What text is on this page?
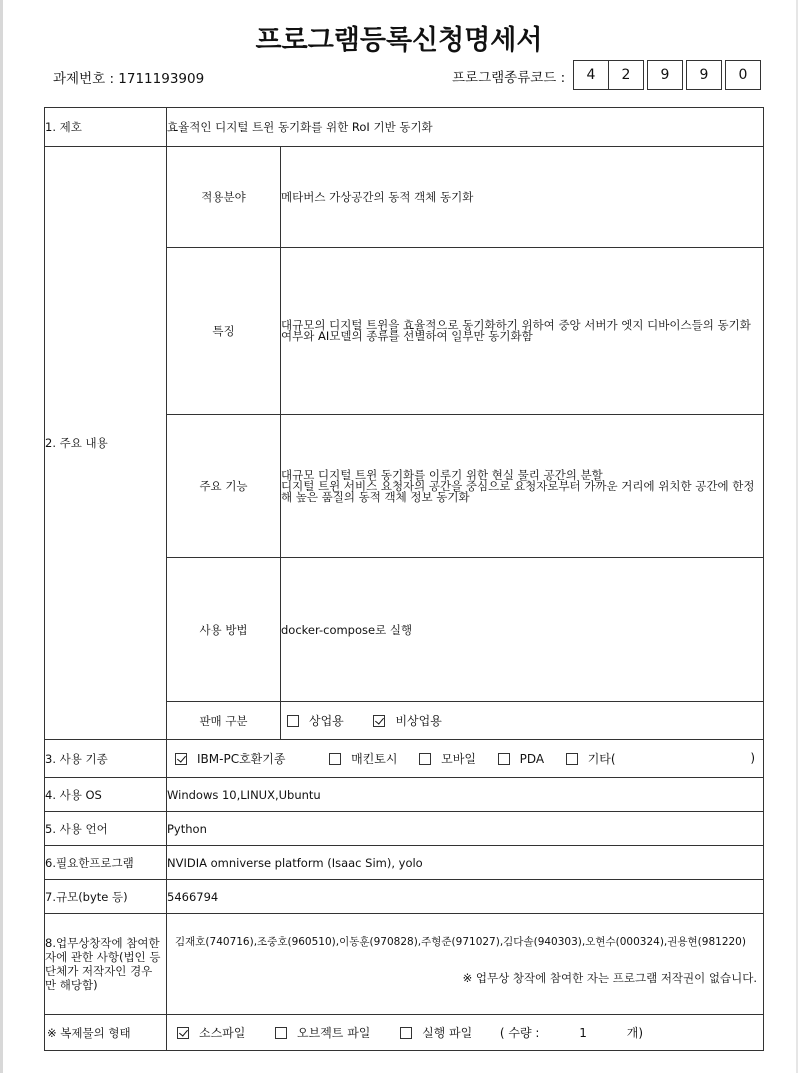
프로그램등록신청명세서
과제번호 : 1711193909	프로그램종류코드 :	4	2	9	9	0
1. 제호	효율적인 디지털 트윈 동기화를 위한 RoI 기반 동기화	
2. 주요 내용	적용분야	메타버스 가상공간의 동적 객체 동기화
	특징	대규모의 디지털 트윈을 효율적으로 동기화하기 위하여 중앙 서버가 엣지 디바이스들의 동기화 여부와 AI모델의 종류를 선별하여 일부만 동기화함
	주요 기능	대규모 디지털 트윈 동기화를 이루기 위한 현실 물리 공간의 분할
디지털 트윈 서비스 요청자의 공간을 중심으로 요청자로부터 가까운 거리에 위치한 공간에 한정해 높은 품질의 동적 객체 정보 동기화

	사용 방법	docker-compose로 실행
	판매 구분	상업용 비상업용
3. 사용 기종	IBM-PC호환기종 매킨토시 모바일 PDA 기타( )	

4. 사용 OS	Windows 10,LINUX,Ubuntu	
5. 사용 언어	Python	
6.필요한프로그램	NVIDIA omniverse platform (Isaac Sim), yolo	
7.규모(byte 등)	5466794	
8.업무상창작에 참여한자에 관한 사항(법인 등 단체가 저작자인 경우만 해당함)	김재호(740716),조중호(960510),이동훈(970828),주형준(971027),김다솔(940303),오현수(000324),권용현(981220)
※ 업무상 창작에 참여한 자는 프로그램 저작권이 없습니다.	

※ 복제물의 형태	소스파일 오브젝트 파일 실행 파일 ( 수량 : 1 개)	
